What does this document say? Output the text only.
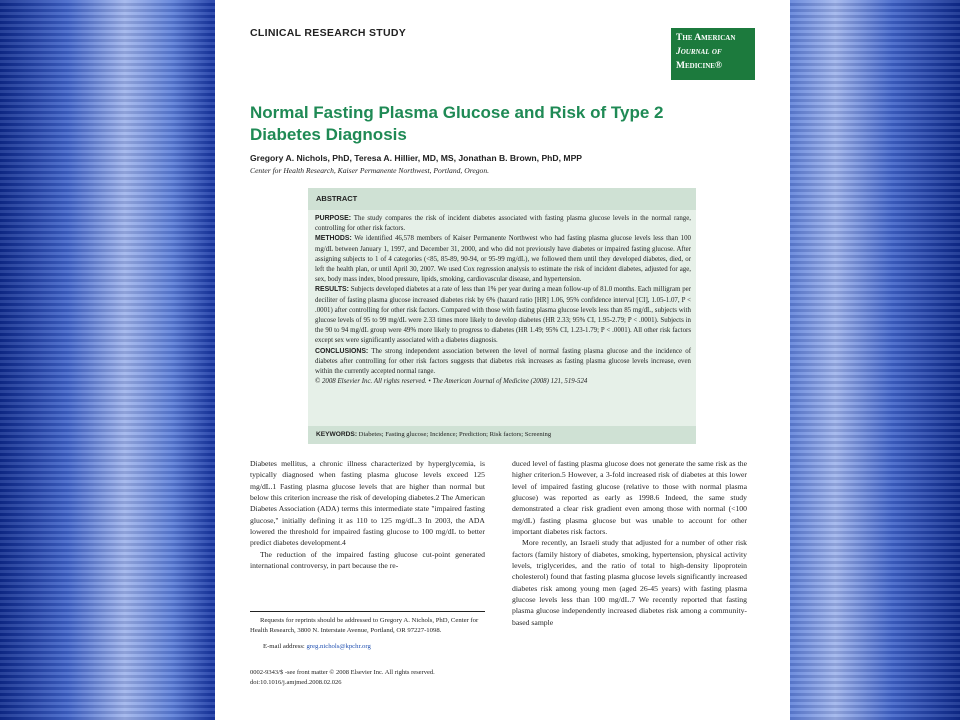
CLINICAL RESEARCH STUDY	The American
Journal of
Medicine®
Normal Fasting Plasma Glucose and Risk of Type 2 Diabetes Diagnosis
Gregory A. Nichols, PhD, Teresa A. Hillier, MD, MS, Jonathan B. Brown, PhD, MPP
Center for Health Research, Kaiser Permanente Northwest, Portland, Oregon.
ABSTRACT

PURPOSE: The study compares the risk of incident diabetes associated with fasting plasma glucose levels in the normal range, controlling for other risk factors.

METHODS: We identified 46,578 members of Kaiser Permanente Northwest who had fasting plasma glucose levels less than 100 mg/dL between January 1, 1997, and December 31, 2000, and who did not previously have diabetes or impaired fasting glucose. After assigning subjects to 1 of 4 categories (<85, 85-89, 90-94, or 95-99 mg/dL), we followed them until they developed diabetes, died, or left the health plan, or until April 30, 2007. We used Cox regression analysis to estimate the risk of incident diabetes, adjusted for age, sex, body mass index, blood pressure, lipids, smoking, cardiovascular disease, and hypertension.

RESULTS: Subjects developed diabetes at a rate of less than 1% per year during a mean follow-up of 81.0 months. Each milligram per deciliter of fasting plasma glucose increased diabetes risk by 6% (hazard ratio [HR] 1.06, 95% confidence interval [CI], 1.05-1.07, P < .0001) after controlling for other risk factors. Compared with those with fasting plasma glucose levels less than 85 mg/dL, subjects with glucose levels of 95 to 99 mg/dL were 2.33 times more likely to develop diabetes (HR 2.33; 95% CI, 1.95-2.79; P < .0001). Subjects in the 90 to 94 mg/dL group were 49% more likely to progress to diabetes (HR 1.49; 95% CI, 1.23-1.79; P < .0001). All other risk factors except sex were significantly associated with a diabetes diagnosis.

CONCLUSIONS: The strong independent association between the level of normal fasting plasma glucose and the incidence of diabetes after controlling for other risk factors suggests that diabetes risk increases as fasting plasma glucose levels increase, even within the currently accepted normal range.

© 2008 Elsevier Inc. All rights reserved. • The American Journal of Medicine (2008) 121, 519-524

KEYWORDS: Diabetes; Fasting glucose; Incidence; Prediction; Risk factors; Screening

Diabetes mellitus, a chronic illness characterized by hyperglycemia, is typically diagnosed when fasting plasma glucose levels exceed 125 mg/dL.1 Fasting plasma glucose levels that are higher than normal but below this criterion increase the risk of developing diabetes.2 The American Diabetes Association (ADA) terms this intermediate state "impaired fasting glucose," initially defining it as 110 to 125 mg/dL.3 In 2003, the ADA lowered the threshold for impaired fasting glucose to 100 mg/dL to better predict diabetes development.4

The reduction of the impaired fasting glucose cut-point generated international controversy, in part because the re-

duced level of fasting plasma glucose does not generate the same risk as the higher criterion.5 However, a 3-fold increased risk of diabetes at this lower level of impaired fasting glucose (relative to those with normal plasma glucose) was reported as early as 1998.6 Indeed, the same study demonstrated a clear risk gradient even among those with normal (<100 mg/dL) fasting plasma glucose but was unable to account for other important diabetes risk factors.

More recently, an Israeli study that adjusted for a number of other risk factors (family history of diabetes, smoking, hypertension, physical activity levels, triglycerides, and the ratio of total to high-density lipoprotein cholesterol) found that fasting plasma glucose levels significantly increased diabetes risk among young men (aged 26-45 years) with fasting plasma glucose levels less than 100 mg/dL.7 We recently reported that fasting plasma glucose independently increased diabetes risk among a community-based sample

Requests for reprints should be addressed to Gregory A. Nichols, PhD, Center for Health Research, 3800 N. Interstate Avenue, Portland, OR 97227-1098.

E-mail address: greg.nichols@kpchr.org
0002-9343/$ -see front matter © 2008 Elsevier Inc. All rights reserved.
doi:10.1016/j.amjmed.2008.02.026
